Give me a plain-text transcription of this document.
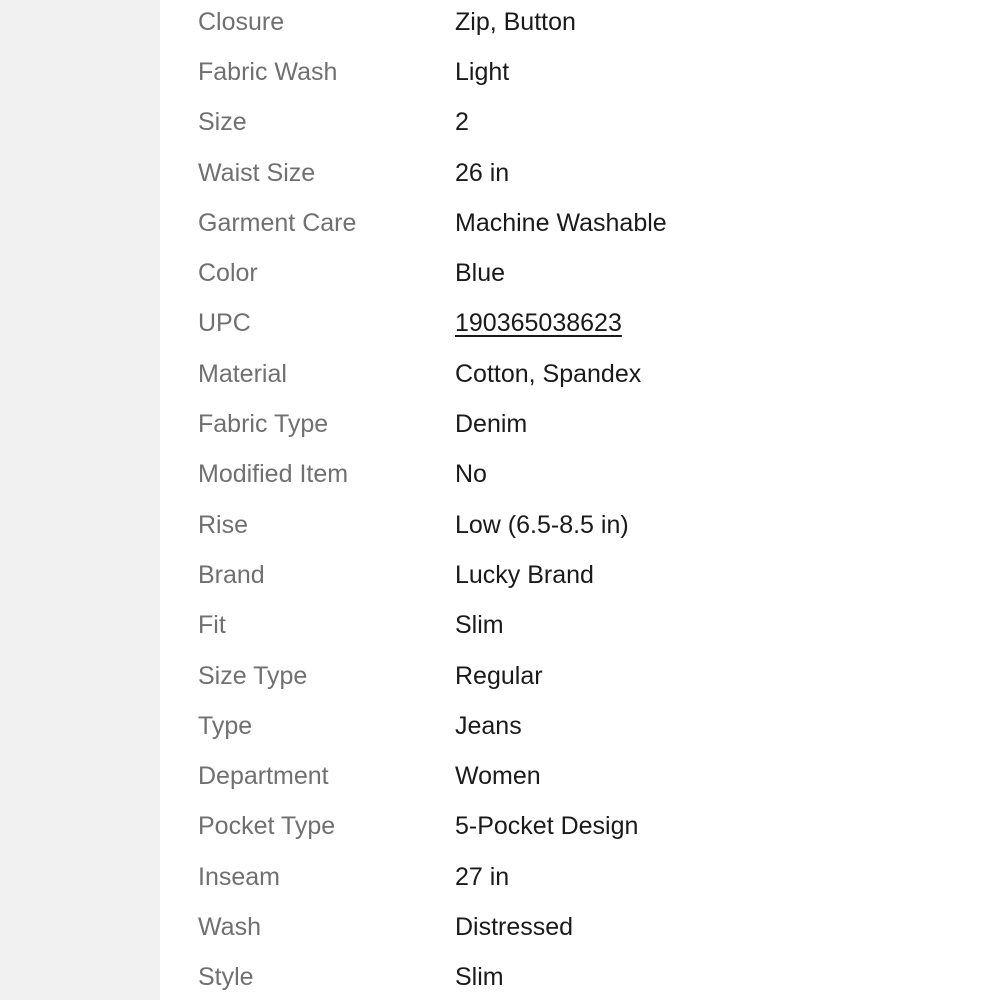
Closure	Zip, Button
Fabric Wash	Light
Size	2
Waist Size	26 in
Garment Care	Machine Washable
Color	Blue
UPC	190365038623
Material	Cotton, Spandex
Fabric Type	Denim
Modified Item	No
Rise	Low (6.5-8.5 in)
Brand	Lucky Brand
Fit	Slim
Size Type	Regular
Type	Jeans
Department	Women
Pocket Type	5-Pocket Design
Inseam	27 in
Wash	Distressed
Style	Slim
